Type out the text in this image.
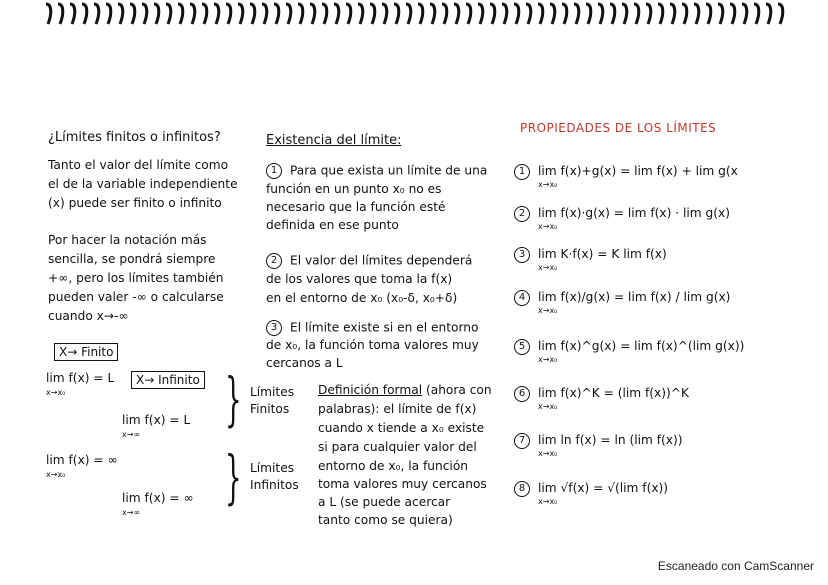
¿Límites finitos o infinitos?
Tanto el valor del límite como
el de la variable independiente
(x) puede ser finito o infinito
Por hacer la notación más
sencilla, se pondrá siempre
+∞, pero los límites también
pueden valer -∞ o calcularse
cuando x→-∞
X→ Finito
lim f(x) = L
x→x₀
X→ Infinito
lim f(x) = L
x→∞
lim f(x) = ∞
x→x₀
lim f(x) = ∞
x→∞
}
}
Existencia del límite:
1 Para que exista un límite de una
función en un punto x₀ no es
necesario que la función esté
definida en ese punto
2 El valor del límites dependerá
de los valores que toma la f(x)
en el entorno de x₀ (x₀-δ, x₀+δ)
3 El límite existe si en el entorno
de x₀, la función toma valores muy
cercanos a L
Límites
Finitos
Límites
Infinitos
Definición formal (ahora con
palabras): el límite de f(x)
cuando x tiende a x₀ existe
si para cualquier valor del
entorno de x₀, la función
toma valores muy cercanos
a L (se puede acercar
tanto como se quiera)
PROPIEDADES DE LOS LÍMITES
1 lim f(x)+g(x) = lim f(x) + lim g(x
x→x₀
2 lim f(x)·g(x) = lim f(x) · lim g(x)
x→x₀
3 lim K·f(x) = K lim f(x)
x→x₀
4 lim f(x)/g(x) = lim f(x) / lim g(x)
x→x₀
5 lim f(x)^g(x) = lim f(x)^(lim g(x))
x→x₀
6 lim f(x)^K = (lim f(x))^K
x→x₀
7 lim ln f(x) = ln (lim f(x))
x→x₀
8 lim √f(x) = √(lim f(x))
x→x₀
Escaneado con CamScanner
